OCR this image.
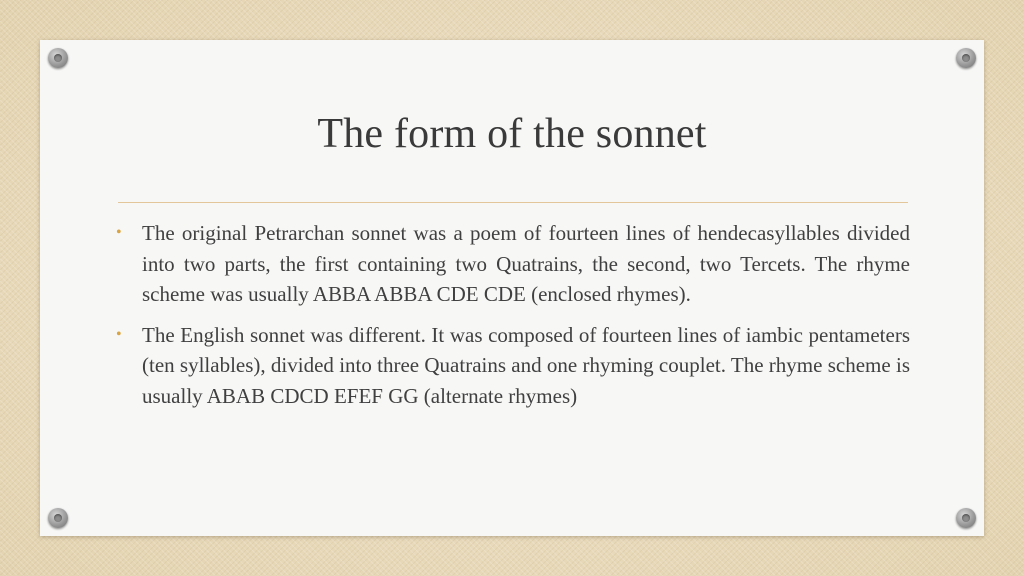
The form of the sonnet
• The original Petrarchan sonnet was a poem of fourteen lines of hendecasyllables divided into two parts, the first containing two Quatrains, the second, two Tercets. The rhyme scheme was usually ABBA ABBA CDE CDE (enclosed rhymes).
• The English sonnet was different. It was composed of fourteen lines of iambic pentameters (ten syllables), divided into three Quatrains and one rhyming couplet. The rhyme scheme is usually ABAB CDCD EFEF GG (alternate rhymes)
